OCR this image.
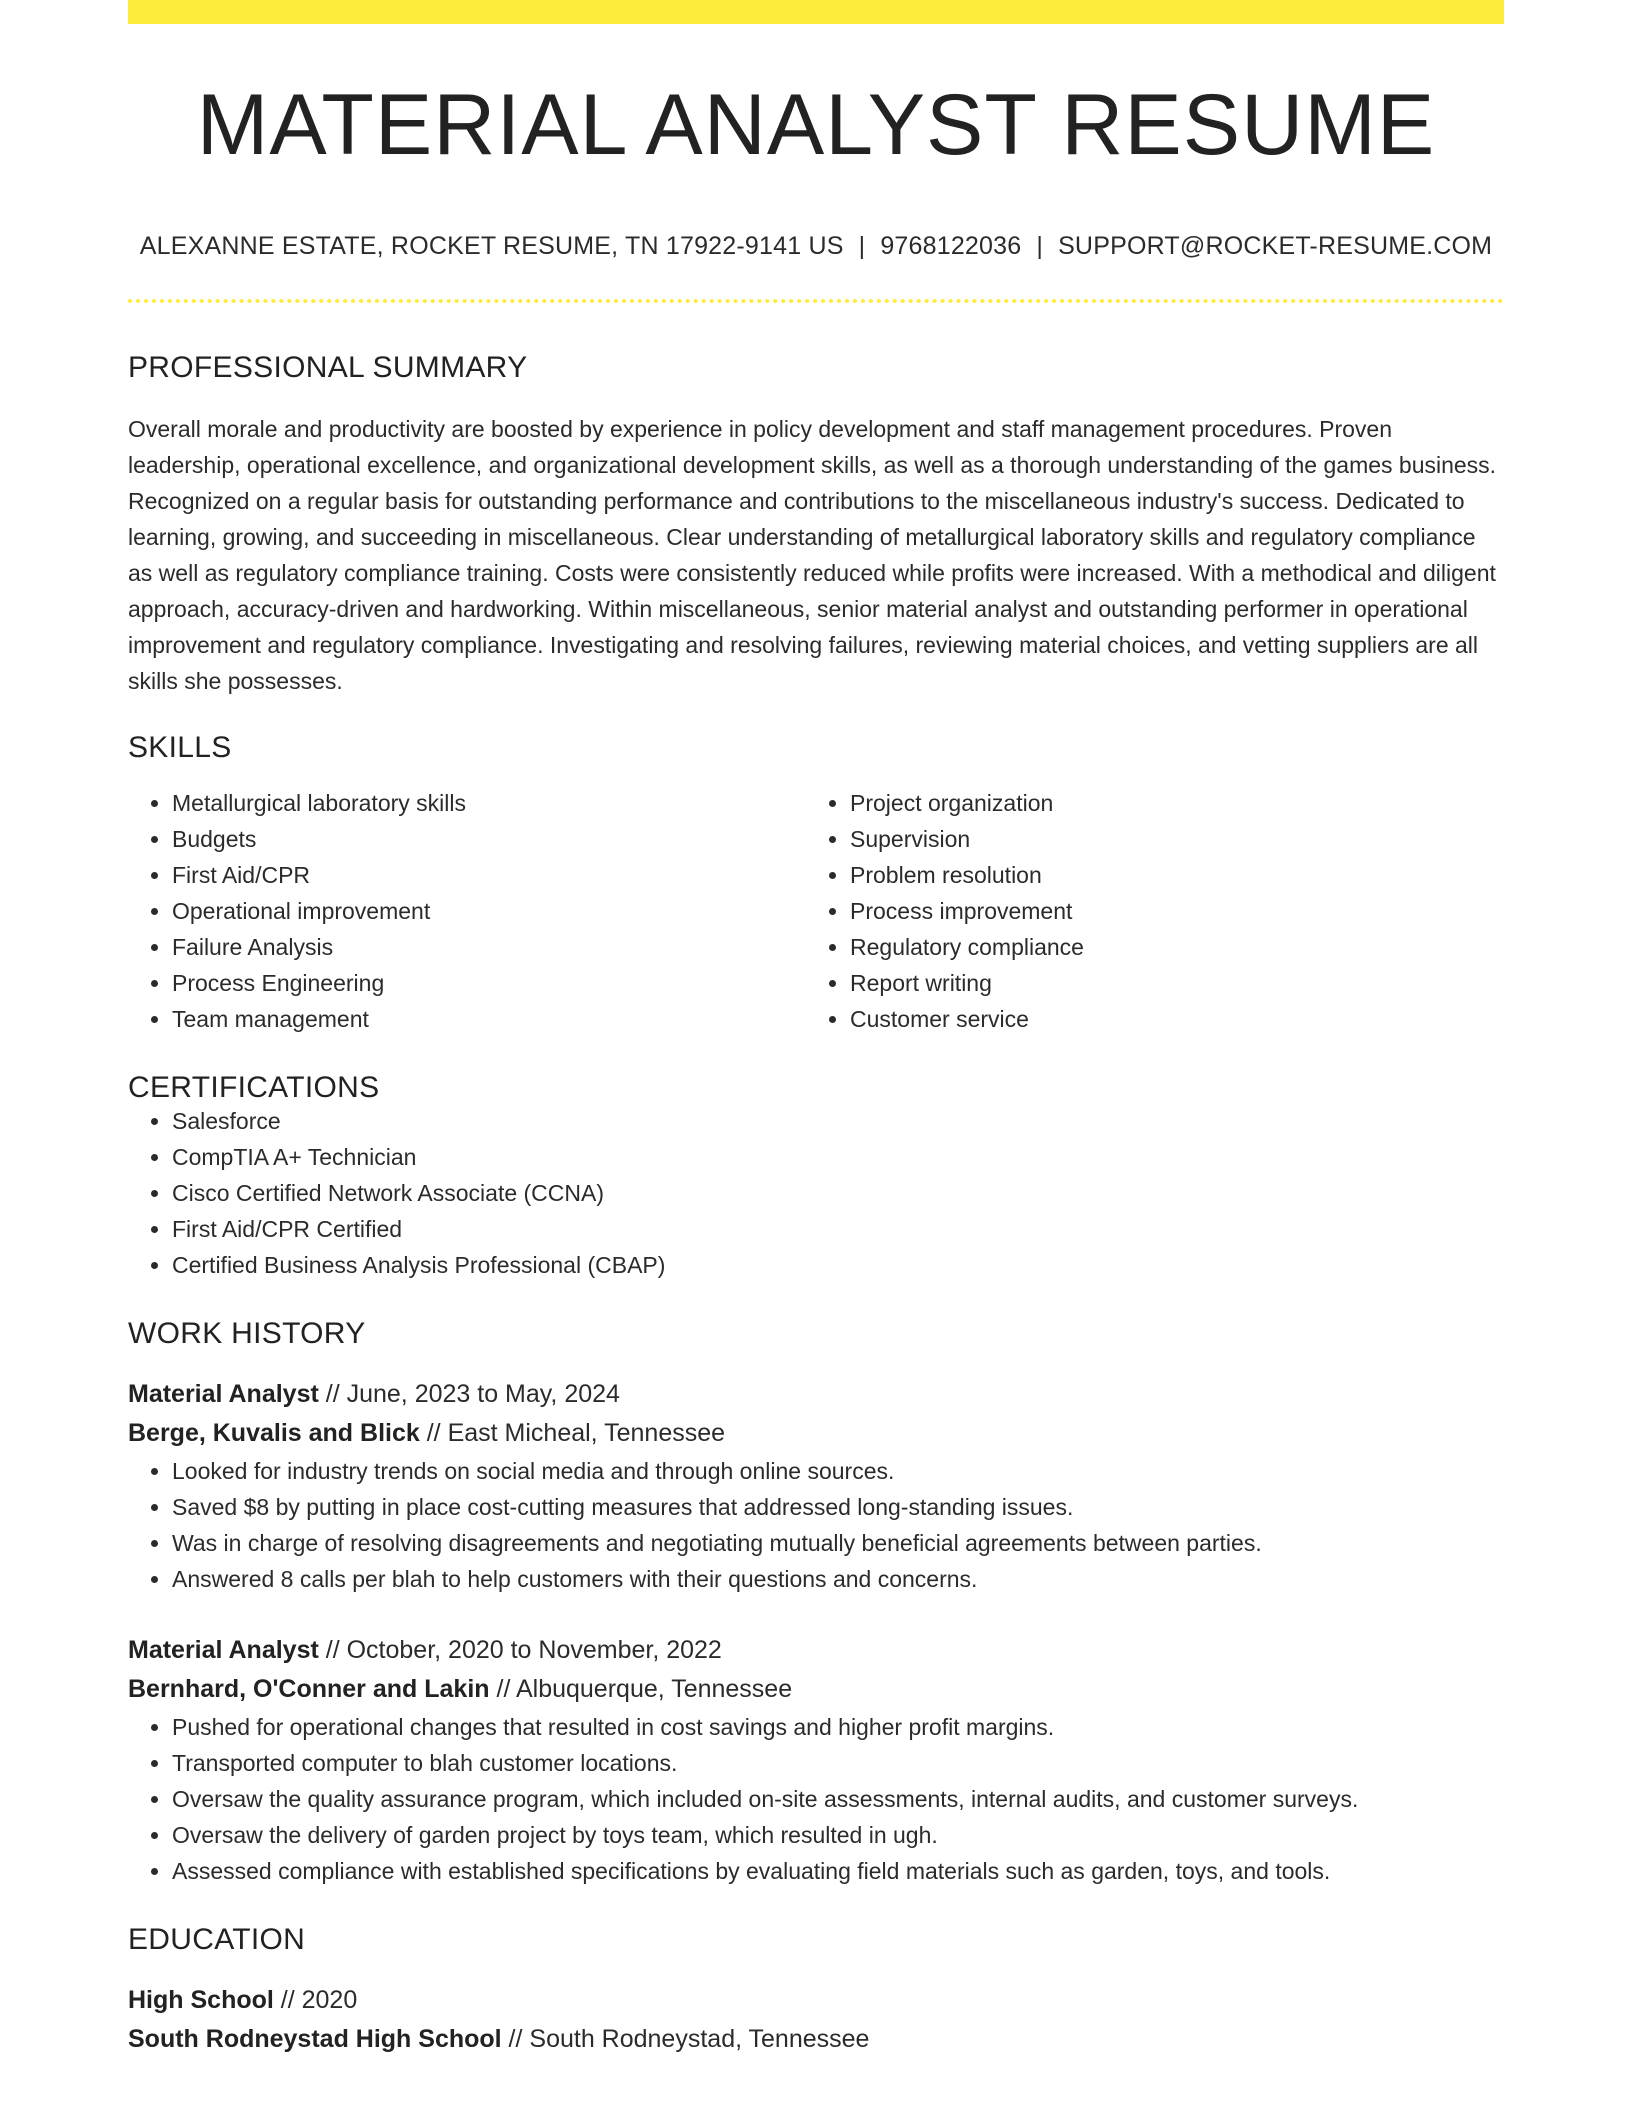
MATERIAL ANALYST RESUME
ALEXANNE ESTATE, ROCKET RESUME, TN 17922-9141 US | 9768122036 | SUPPORT@ROCKET-RESUME.COM
PROFESSIONAL SUMMARY
Overall morale and productivity are boosted by experience in policy development and staff management procedures. Proven leadership, operational excellence, and organizational development skills, as well as a thorough understanding of the games business. Recognized on a regular basis for outstanding performance and contributions to the miscellaneous industry's success. Dedicated to learning, growing, and succeeding in miscellaneous. Clear understanding of metallurgical laboratory skills and regulatory compliance as well as regulatory compliance training. Costs were consistently reduced while profits were increased. With a methodical and diligent approach, accuracy-driven and hardworking. Within miscellaneous, senior material analyst and outstanding performer in operational improvement and regulatory compliance. Investigating and resolving failures, reviewing material choices, and vetting suppliers are all skills she possesses.
SKILLS
• Metallurgical laboratory skills
• Budgets
• First Aid/CPR
• Operational improvement
• Failure Analysis
• Process Engineering
• Team management
• Project organization
• Supervision
• Problem resolution
• Process improvement
• Regulatory compliance
• Report writing
• Customer service
CERTIFICATIONS
• Salesforce
• CompTIA A+ Technician
• Cisco Certified Network Associate (CCNA)
• First Aid/CPR Certified
• Certified Business Analysis Professional (CBAP)
WORK HISTORY
Material Analyst // June, 2023 to May, 2024
Berge, Kuvalis and Blick // East Micheal, Tennessee
• Looked for industry trends on social media and through online sources.
• Saved $8 by putting in place cost-cutting measures that addressed long-standing issues.
• Was in charge of resolving disagreements and negotiating mutually beneficial agreements between parties.
• Answered 8 calls per blah to help customers with their questions and concerns.
Material Analyst // October, 2020 to November, 2022
Bernhard, O'Conner and Lakin // Albuquerque, Tennessee
• Pushed for operational changes that resulted in cost savings and higher profit margins.
• Transported computer to blah customer locations.
• Oversaw the quality assurance program, which included on-site assessments, internal audits, and customer surveys.
• Oversaw the delivery of garden project by toys team, which resulted in ugh.
• Assessed compliance with established specifications by evaluating field materials such as garden, toys, and tools.
EDUCATION
High School // 2020
South Rodneystad High School // South Rodneystad, Tennessee
